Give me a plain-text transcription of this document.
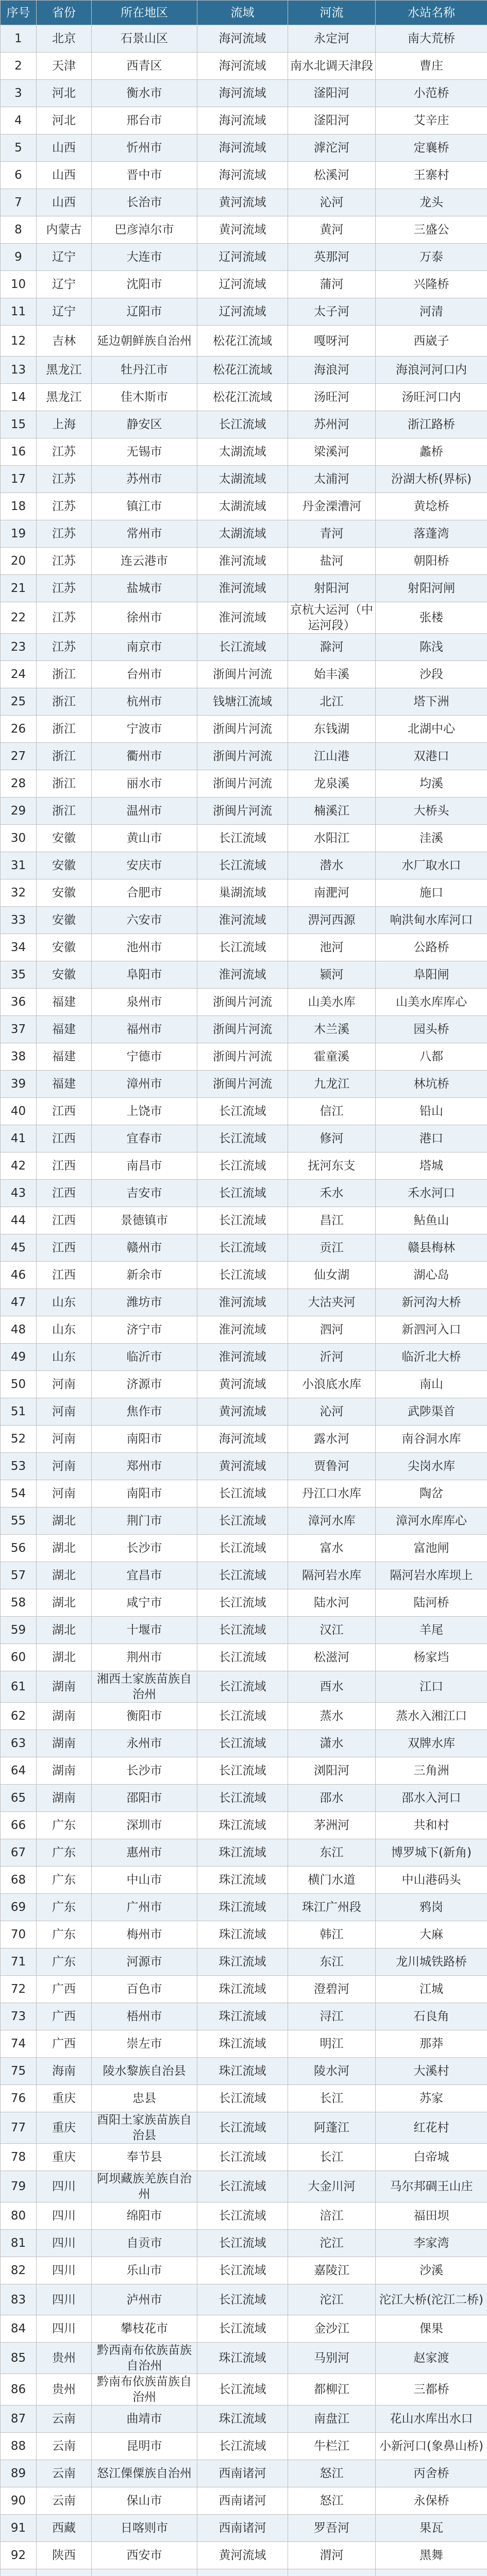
序号	省份	所在地区	流域	河流	水站名称
1	北京	石景山区	海河流域	永定河	南大荒桥
2	天津	西青区	海河流域	南水北调天津段	曹庄
3	河北	衡水市	海河流域	滏阳河	小范桥
4	河北	邢台市	海河流域	滏阳河	艾辛庄
5	山西	忻州市	海河流域	滹沱河	定襄桥
6	山西	晋中市	海河流域	松溪河	王寨村
7	山西	长治市	黄河流域	沁河	龙头
8	内蒙古	巴彦淖尔市	黄河流域	黄河	三盛公
9	辽宁	大连市	辽河流域	英那河	万泰
10	辽宁	沈阳市	辽河流域	蒲河	兴隆桥
11	辽宁	辽阳市	辽河流域	太子河	河清
12	吉林	延边朝鲜族自治州	松花江流域	嘎呀河	西崴子
13	黑龙江	牡丹江市	松花江流域	海浪河	海浪河河口内
14	黑龙江	佳木斯市	松花江流域	汤旺河	汤旺河口内
15	上海	静安区	长江流域	苏州河	浙江路桥
16	江苏	无锡市	太湖流域	梁溪河	蠡桥
17	江苏	苏州市	太湖流域	太浦河	汾湖大桥(界标)
18	江苏	镇江市	太湖流域	丹金溧漕河	黄埝桥
19	江苏	常州市	太湖流域	青河	落蓬湾
20	江苏	连云港市	淮河流域	盐河	朝阳桥
21	江苏	盐城市	淮河流域	射阳河	射阳河闸
22	江苏	徐州市	淮河流域	京杭大运河（中运河段）	张楼
23	江苏	南京市	长江流域	滁河	陈浅
24	浙江	台州市	浙闽片河流	始丰溪	沙段
25	浙江	杭州市	钱塘江流域	北江	塔下洲
26	浙江	宁波市	浙闽片河流	东钱湖	北湖中心
27	浙江	衢州市	浙闽片河流	江山港	双港口
28	浙江	丽水市	浙闽片河流	龙泉溪	均溪
29	浙江	温州市	浙闽片河流	楠溪江	大桥头
30	安徽	黄山市	长江流域	水阳江	洼溪
31	安徽	安庆市	长江流域	潜水	水厂取水口
32	安徽	合肥市	巢湖流域	南淝河	施口
33	安徽	六安市	淮河流域	淠河西源	响洪甸水库河口
34	安徽	池州市	长江流域	池河	公路桥
35	安徽	阜阳市	淮河流域	颍河	阜阳闸
36	福建	泉州市	浙闽片河流	山美水库	山美水库库心
37	福建	福州市	浙闽片河流	木兰溪	园头桥
38	福建	宁德市	浙闽片河流	霍童溪	八都
39	福建	漳州市	浙闽片河流	九龙江	林坑桥
40	江西	上饶市	长江流域	信江	铅山
41	江西	宜春市	长江流域	修河	港口
42	江西	南昌市	长江流域	抚河东支	塔城
43	江西	吉安市	长江流域	禾水	禾水河口
44	江西	景德镇市	长江流域	昌江	鲇鱼山
45	江西	赣州市	长江流域	贡江	赣县梅林
46	江西	新余市	长江流域	仙女湖	湖心岛
47	山东	潍坊市	淮河流域	大沽夹河	新河沟大桥
48	山东	济宁市	淮河流域	泗河	新泗河入口
49	山东	临沂市	淮河流域	沂河	临沂北大桥
50	河南	济源市	黄河流域	小浪底水库	南山
51	河南	焦作市	黄河流域	沁河	武陟渠首
52	河南	南阳市	海河流域	露水河	南谷洞水库
53	河南	郑州市	黄河流域	贾鲁河	尖岗水库
54	河南	南阳市	长江流域	丹江口水库	陶岔
55	湖北	荆门市	长江流域	漳河水库	漳河水库库心
56	湖北	长沙市	长江流域	富水	富池闸
57	湖北	宜昌市	长江流域	隔河岩水库	隔河岩水库坝上
58	湖北	咸宁市	长江流域	陆水河	陆河桥
59	湖北	十堰市	长江流域	汉江	羊尾
60	湖北	荆州市	长江流域	松滋河	杨家垱
61	湖南	湘西土家族苗族自治州	长江流域	酉水	江口
62	湖南	衡阳市	长江流域	蒸水	蒸水入湘江口
63	湖南	永州市	长江流域	潇水	双牌水库
64	湖南	长沙市	长江流域	浏阳河	三角洲
65	湖南	邵阳市	长江流域	邵水	邵水入河口
66	广东	深圳市	珠江流域	茅洲河	共和村
67	广东	惠州市	珠江流域	东江	博罗城下(新角)
68	广东	中山市	珠江流域	横门水道	中山港码头
69	广东	广州市	珠江流域	珠江广州段	鸦岗
70	广东	梅州市	珠江流域	韩江	大麻
71	广东	河源市	珠江流域	东江	龙川城铁路桥
72	广西	百色市	珠江流域	澄碧河	江城
73	广西	梧州市	珠江流域	浔江	石良角
74	广西	崇左市	珠江流域	明江	那莽
75	海南	陵水黎族自治县	珠江流域	陵水河	大溪村
76	重庆	忠县	长江流域	长江	苏家
77	重庆	酉阳土家族苗族自治县	长江流域	阿蓬江	红花村
78	重庆	奉节县	长江流域	长江	白帝城
79	四川	阿坝藏族羌族自治州	长江流域	大金川河	马尔邦碉王山庄
80	四川	绵阳市	长江流域	涪江	福田坝
81	四川	自贡市	长江流域	沱江	李家湾
82	四川	乐山市	长江流域	嘉陵江	沙溪
83	四川	泸州市	长江流域	沱江	沱江大桥(沱江二桥)
84	四川	攀枝花市	长江流域	金沙江	倮果
85	贵州	黔西南布依族苗族自治州	珠江流域	马别河	赵家渡
86	贵州	黔南布依族苗族自治州	长江流域	都柳江	三都桥
87	云南	曲靖市	珠江流域	南盘江	花山水库出水口
88	云南	昆明市	长江流域	牛栏江	小新河口(象鼻山桥)
89	云南	怒江傈僳族自治州	西南诸河	怒江	丙舍桥
90	云南	保山市	西南诸河	怒江	永保桥
91	西藏	日喀则市	西南诸河	罗吾河	果瓦
92	陕西	西安市	黄河流域	渭河	黑舞
